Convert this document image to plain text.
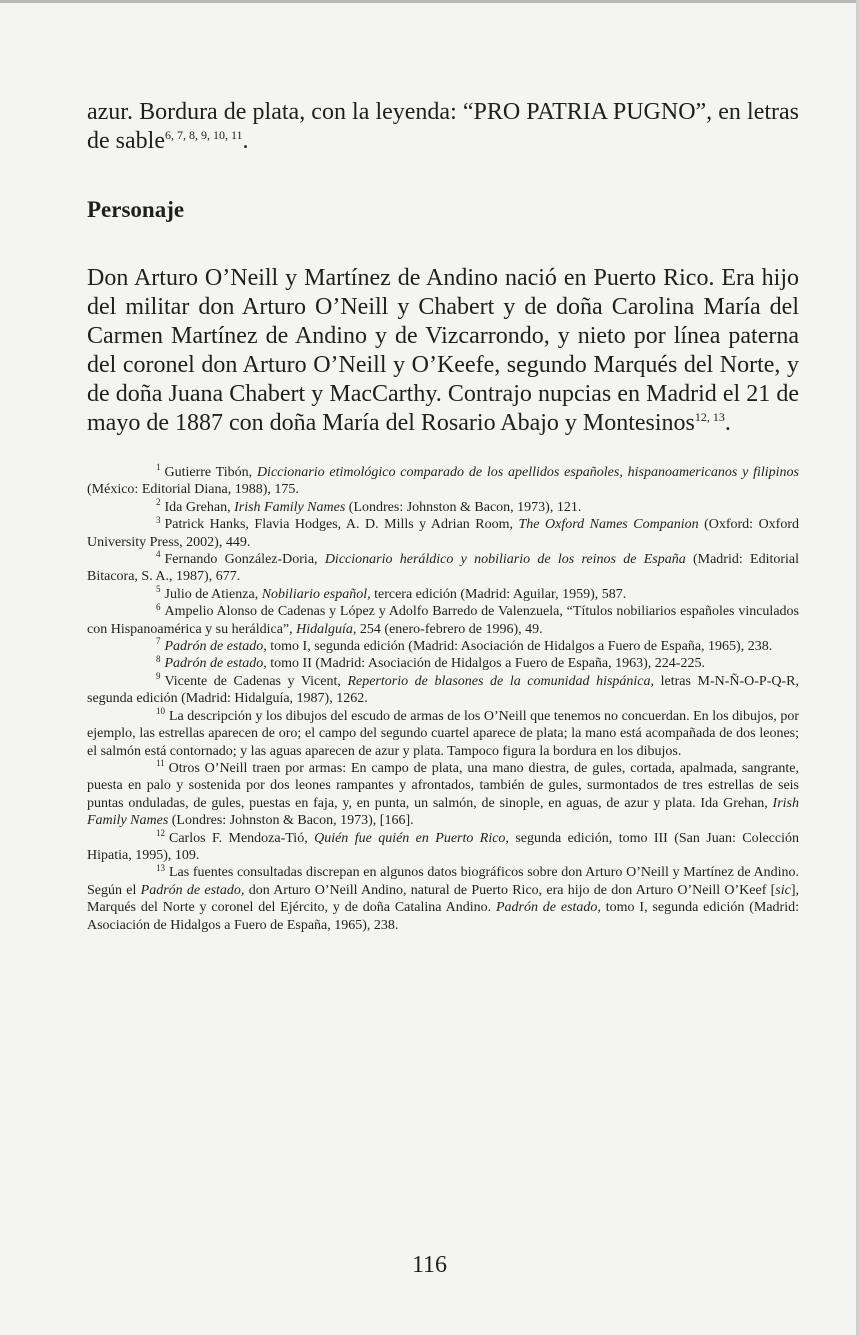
azur. Bordura de plata, con la leyenda: “PRO PATRIA PUGNO”, en letras de sable$^{6, 7, 8, 9, 10, 11}$.

Personaje

Don Arturo O’Neill y Martínez de Andino nació en Puerto Rico. Era hijo del militar don Arturo O’Neill y Chabert y de doña Carolina María del Carmen Martínez de Andino y de Vizcarrondo, y nieto por línea paterna del coronel don Arturo O’Neill y O’Keefe, segundo Marqués del Norte, y de doña Juana Chabert y MacCarthy. Contrajo nupcias en Madrid el 21 de mayo de 1887 con doña María del Rosario Abajo y Montesinos$^{12, 13}$.

$^1$ Gutierre Tibón, Diccionario etimológico comparado de los apellidos españoles, hispanoamericanos y filipinos (México: Editorial Diana, 1988), 175.

$^2$ Ida Grehan, Irish Family Names (Londres: Johnston & Bacon, 1973), 121.

$^3$ Patrick Hanks, Flavia Hodges, A. D. Mills y Adrian Room, The Oxford Names Companion (Oxford: Oxford University Press, 2002), 449.

$^4$ Fernando González-Doria, Diccionario heráldico y nobiliario de los reinos de España (Madrid: Editorial Bitacora, S. A., 1987), 677.

$^5$ Julio de Atienza, Nobiliario español, tercera edición (Madrid: Aguilar, 1959), 587.

$^6$ Ampelio Alonso de Cadenas y López y Adolfo Barredo de Valenzuela, “Títulos nobiliarios españoles vinculados con Hispanoamérica y su heráldica”, Hidalguía, 254 (enero-febrero de 1996), 49.

$^7$ Padrón de estado, tomo I, segunda edición (Madrid: Asociación de Hidalgos a Fuero de España, 1965), 238.

$^8$ Padrón de estado, tomo II (Madrid: Asociación de Hidalgos a Fuero de España, 1963), 224-225.

$^9$ Vicente de Cadenas y Vicent, Repertorio de blasones de la comunidad hispánica, letras M-N-Ñ-O-P-Q-R, segunda edición (Madrid: Hidalguía, 1987), 1262.

$^{10}$ La descripción y los dibujos del escudo de armas de los O’Neill que tenemos no concuerdan. En los dibujos, por ejemplo, las estrellas aparecen de oro; el campo del segundo cuartel aparece de plata; la mano está acompañada de dos leones; el salmón está contornado; y las aguas aparecen de azur y plata. Tampoco figura la bordura en los dibujos.

$^{11}$ Otros O’Neill traen por armas: En campo de plata, una mano diestra, de gules, cortada, apalmada, sangrante, puesta en palo y sostenida por dos leones rampantes y afrontados, también de gules, surmontados de tres estrellas de seis puntas onduladas, de gules, puestas en faja, y, en punta, un salmón, de sinople, en aguas, de azur y plata. Ida Grehan, Irish Family Names (Londres: Johnston & Bacon, 1973), [166].

$^{12}$ Carlos F. Mendoza-Tió, Quién fue quién en Puerto Rico, segunda edición, tomo III (San Juan: Colección Hipatia, 1995), 109.

$^{13}$ Las fuentes consultadas discrepan en algunos datos biográficos sobre don Arturo O’Neill y Martínez de Andino. Según el Padrón de estado, don Arturo O’Neill Andino, natural de Puerto Rico, era hijo de don Arturo O’Neill O’Keef [sic], Marqués del Norte y coronel del Ejército, y de doña Catalina Andino. Padrón de estado, tomo I, segunda edición (Madrid: Asociación de Hidalgos a Fuero de España, 1965), 238.

116
